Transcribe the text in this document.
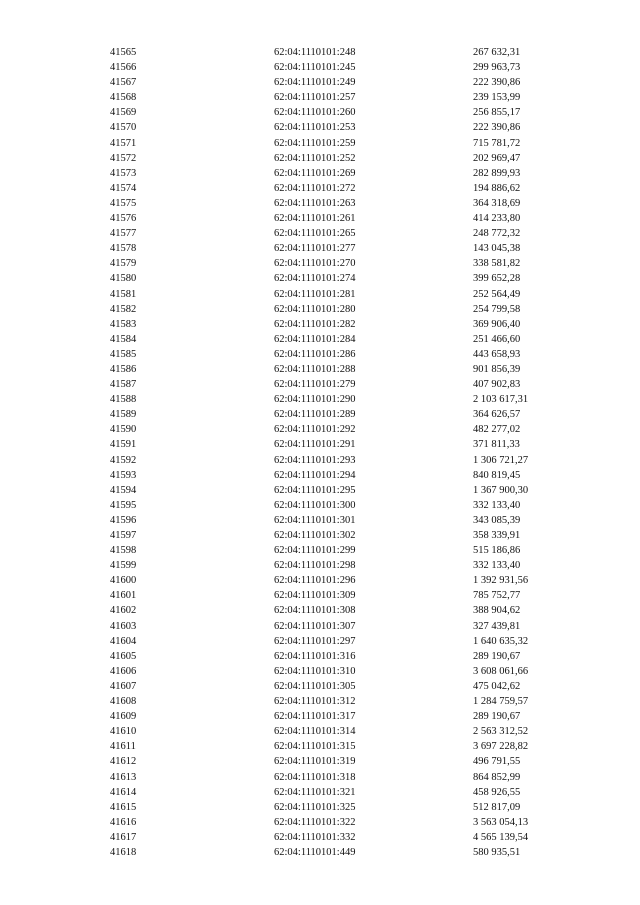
41565	62:04:1110101:248	267 632,31
41566	62:04:1110101:245	299 963,73
41567	62:04:1110101:249	222 390,86
41568	62:04:1110101:257	239 153,99
41569	62:04:1110101:260	256 855,17
41570	62:04:1110101:253	222 390,86
41571	62:04:1110101:259	715 781,72
41572	62:04:1110101:252	202 969,47
41573	62:04:1110101:269	282 899,93
41574	62:04:1110101:272	194 886,62
41575	62:04:1110101:263	364 318,69
41576	62:04:1110101:261	414 233,80
41577	62:04:1110101:265	248 772,32
41578	62:04:1110101:277	143 045,38
41579	62:04:1110101:270	338 581,82
41580	62:04:1110101:274	399 652,28
41581	62:04:1110101:281	252 564,49
41582	62:04:1110101:280	254 799,58
41583	62:04:1110101:282	369 906,40
41584	62:04:1110101:284	251 466,60
41585	62:04:1110101:286	443 658,93
41586	62:04:1110101:288	901 856,39
41587	62:04:1110101:279	407 902,83
41588	62:04:1110101:290	2 103 617,31
41589	62:04:1110101:289	364 626,57
41590	62:04:1110101:292	482 277,02
41591	62:04:1110101:291	371 811,33
41592	62:04:1110101:293	1 306 721,27
41593	62:04:1110101:294	840 819,45
41594	62:04:1110101:295	1 367 900,30
41595	62:04:1110101:300	332 133,40
41596	62:04:1110101:301	343 085,39
41597	62:04:1110101:302	358 339,91
41598	62:04:1110101:299	515 186,86
41599	62:04:1110101:298	332 133,40
41600	62:04:1110101:296	1 392 931,56
41601	62:04:1110101:309	785 752,77
41602	62:04:1110101:308	388 904,62
41603	62:04:1110101:307	327 439,81
41604	62:04:1110101:297	1 640 635,32
41605	62:04:1110101:316	289 190,67
41606	62:04:1110101:310	3 608 061,66
41607	62:04:1110101:305	475 042,62
41608	62:04:1110101:312	1 284 759,57
41609	62:04:1110101:317	289 190,67
41610	62:04:1110101:314	2 563 312,52
41611	62:04:1110101:315	3 697 228,82
41612	62:04:1110101:319	496 791,55
41613	62:04:1110101:318	864 852,99
41614	62:04:1110101:321	458 926,55
41615	62:04:1110101:325	512 817,09
41616	62:04:1110101:322	3 563 054,13
41617	62:04:1110101:332	4 565 139,54
41618	62:04:1110101:449	580 935,51
